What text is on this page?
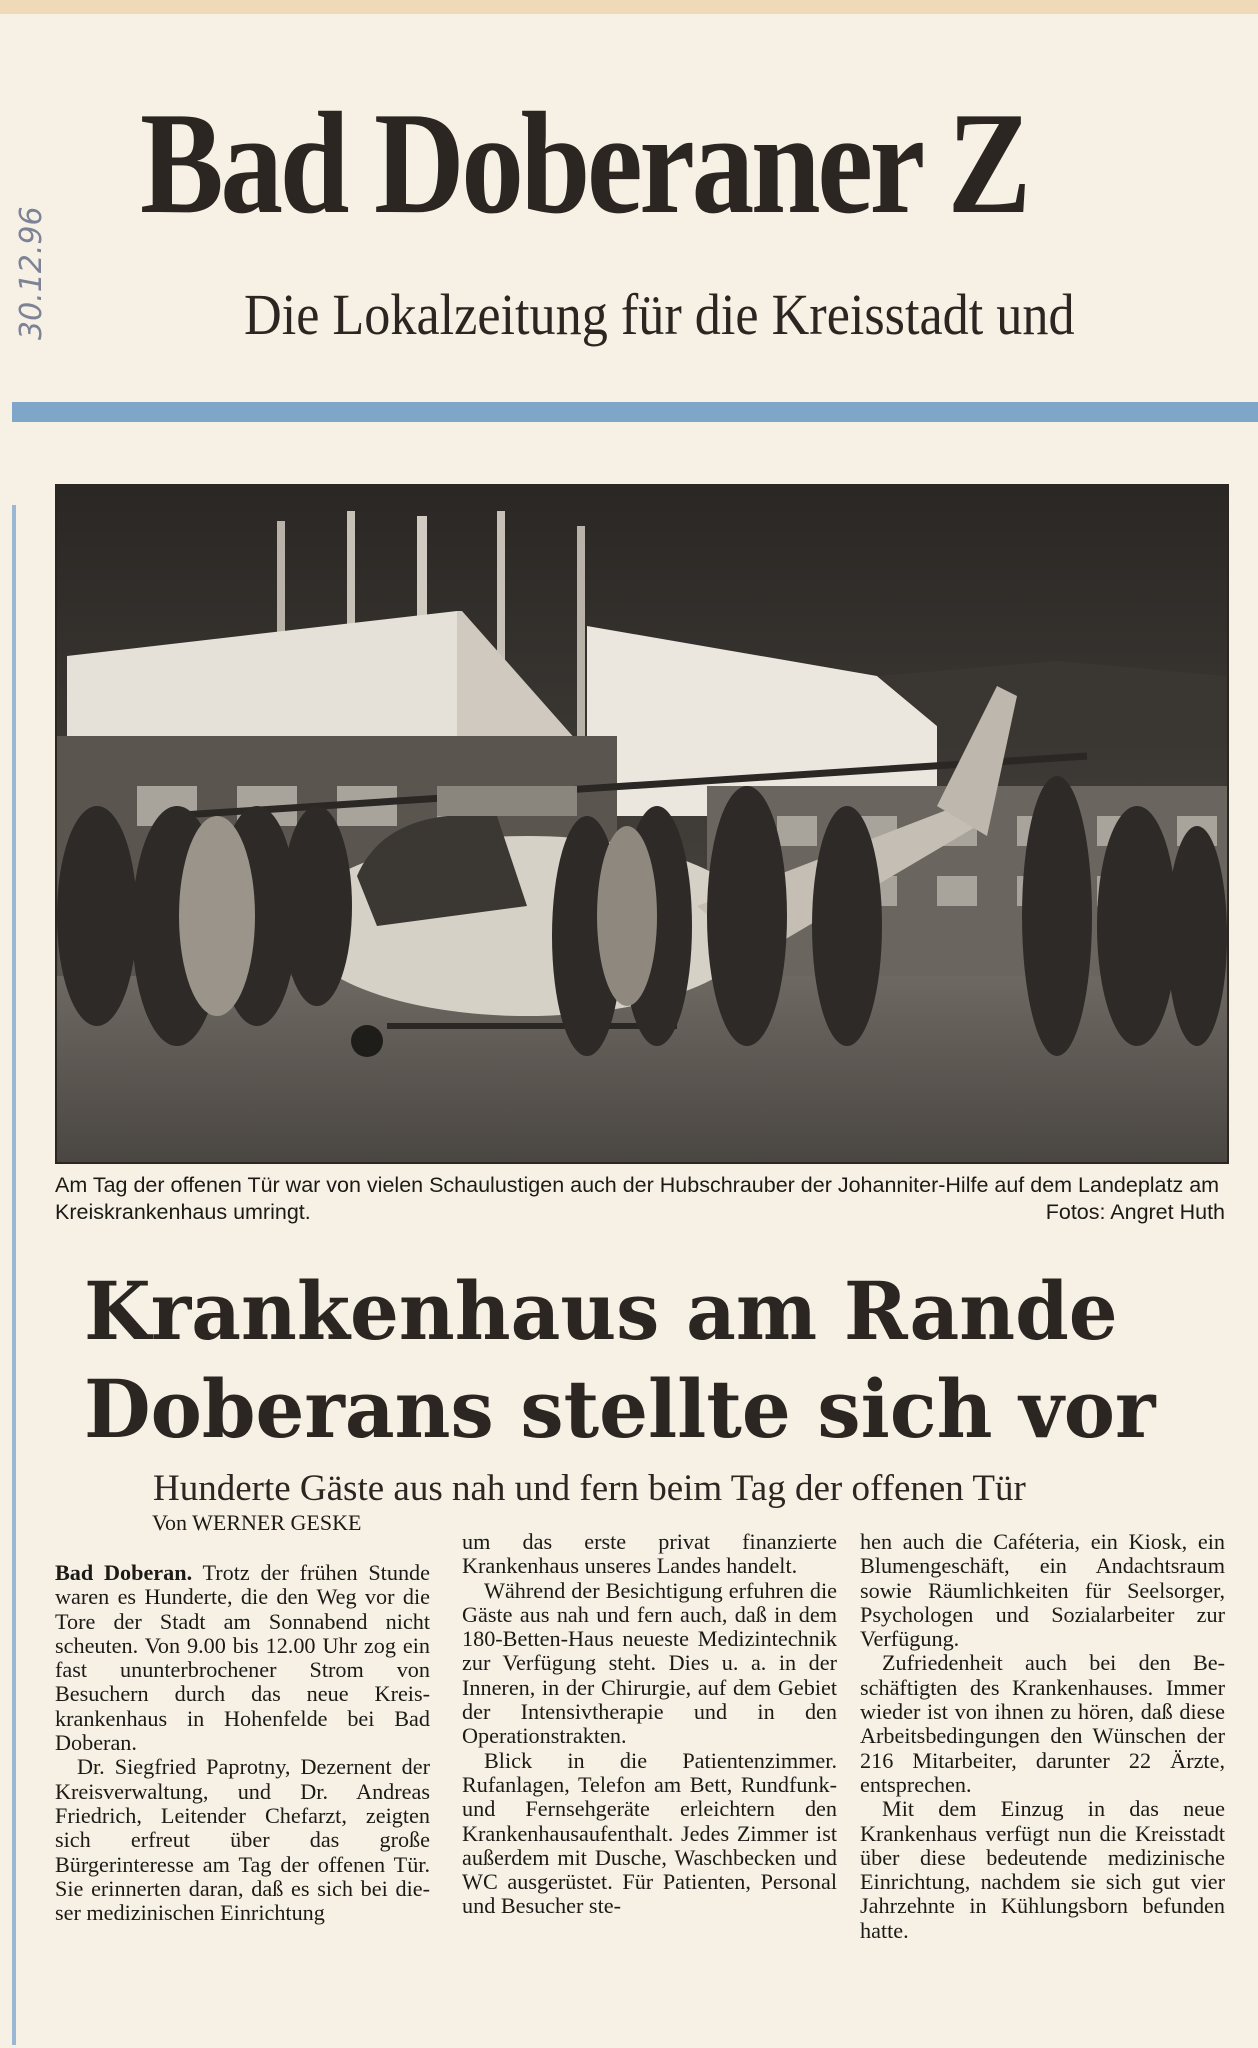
Bad Doberaner Z
Die Lokalzeitung für die Kreisstadt und
30.12.96
Am Tag der offenen Tür war von vielen Schaulustigen auch der Hubschrauber der Johanniter-Hilfe auf dem Landeplatz am Kreiskrankenhaus umringt.	Fotos: Angret Huth
Krankenhaus am Rande
Doberans stellte sich vor
Hunderte Gäste aus nah und fern beim Tag der offenen Tür
Von WERNER GESKE

Bad Doberan. Trotz der frühen Stunde waren es Hunderte, die den Weg vor die Tore der Stadt am Sonnabend nicht scheuten. Von 9.00 bis 12.00 Uhr zog ein fast ununterbrochener Strom von Besuchern durch das neue Kreiskrankenhaus in Hohenfelde bei Bad Doberan.

Dr. Siegfried Paprotny, Dezernent der Kreisverwaltung, und Dr. Andreas Friedrich, Leitender Chefarzt, zeigten sich erfreut über das große Bürgerinteresse am Tag der offenen Tür. Sie erinnerten daran, daß es sich bei dieser medizinischen Einrichtung

um das erste privat finanzierte Krankenhaus unseres Landes handelt.

Während der Besichtigung erfuhren die Gäste aus nah und fern auch, daß in dem 180-Betten-Haus neueste Medizintechnik zur Verfügung steht. Dies u. a. in der Inneren, in der Chirurgie, auf dem Gebiet der Intensivtherapie und in den Operationstrakten.

Blick in die Patientenzimmer. Rufanlagen, Telefon am Bett, Rundfunk- und Fernsehgeräte erleichtern den Krankenhausaufenthalt. Jedes Zimmer ist außerdem mit Dusche, Waschbecken und WC ausgerüstet. Für Patienten, Personal und Besucher ste-

hen auch die Caféteria, ein Kiosk, ein Blumengeschäft, ein Andachtsraum sowie Räumlichkeiten für Seelsorger, Psychologen und Sozialarbeiter zur Verfügung.

Zufriedenheit auch bei den Beschäftigten des Krankenhauses. Immer wieder ist von ihnen zu hören, daß diese Arbeitsbedingungen den Wünschen der 216 Mitarbeiter, darunter 22 Ärzte, entsprechen.

Mit dem Einzug in das neue Krankenhaus verfügt nun die Kreisstadt über diese bedeutende medizinische Einrichtung, nachdem sie sich gut vier Jahrzehnte in Kühlungsborn befunden hatte.
